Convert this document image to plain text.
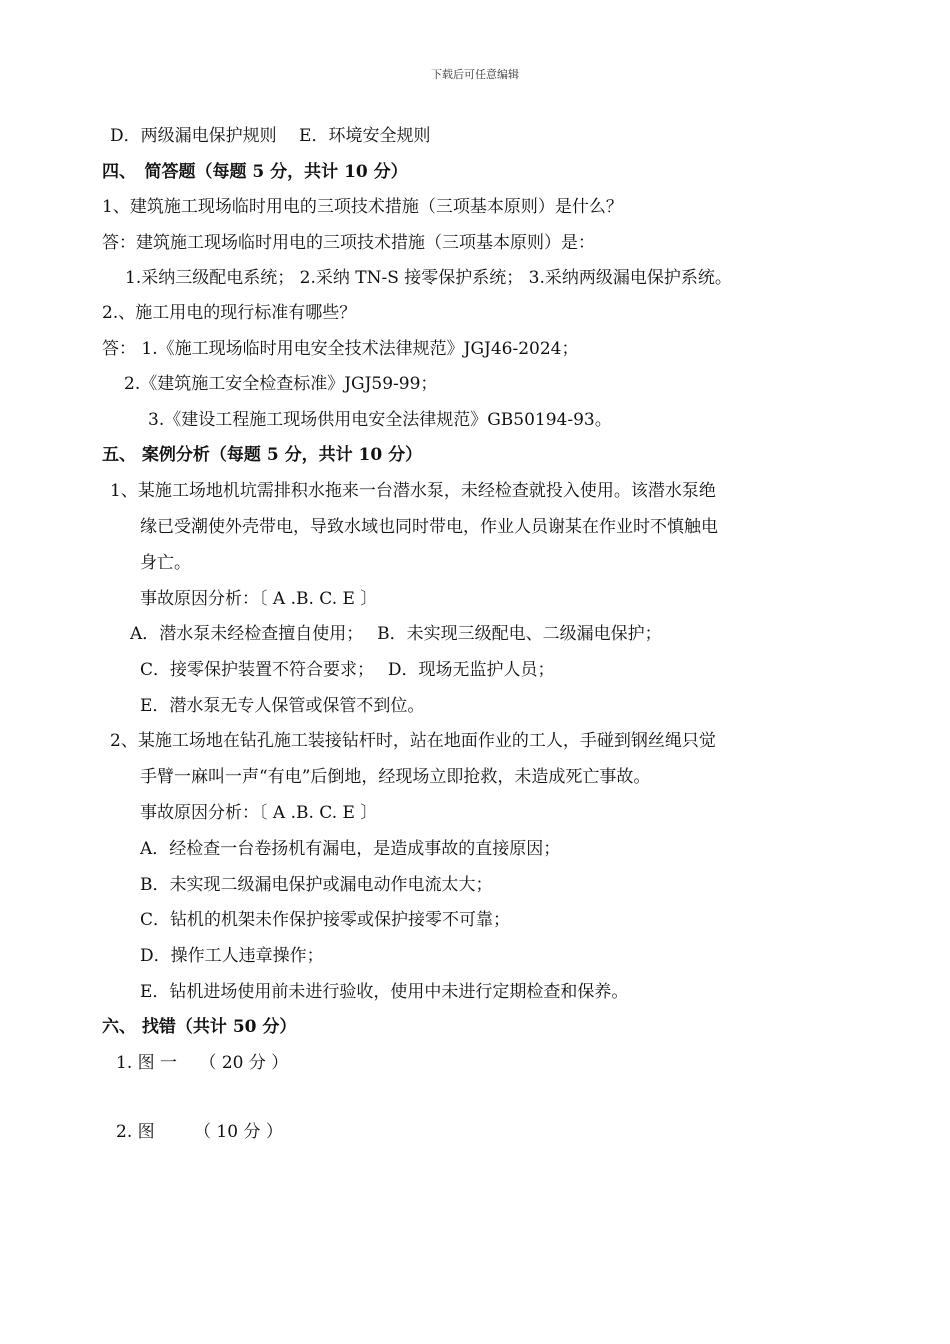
下载后可任意编辑
D．两级漏电保护规则　 E．环境安全规则
四、　简答题（每题 5 分，共计 10 分）
1、建筑施工现场临时用电的三项技术措施（三项基本原则）是什么？
答：建筑施工现场临时用电的三项技术措施（三项基本原则）是：
1.采纳三级配电系统； 2.采纳 TN-S 接零保护系统； 3.采纳两级漏电保护系统。
2.、施工用电的现行标准有哪些？
答： 1.《施工现场临时用电安全技术法律规范》JGJ46-2024；
2.《建筑施工安全检查标准》JGJ59-99；
3.《建设工程施工现场供用电安全法律规范》GB50194-93。
五、 案例分析（每题 5 分，共计 10 分）
1、某施工场地机坑需排积水拖来一台潜水泵，未经检查就投入使用。该潜水泵绝
缘已受潮使外壳带电，导致水域也同时带电，作业人员谢某在作业时不慎触电
身亡。
事故原因分析：〔 A .B. C. E 〕
A．潜水泵未经检查擅自使用；　 B．未实现三级配电、二级漏电保护；
C．接零保护装置不符合要求；　 D．现场无监护人员；
E．潜水泵无专人保管或保管不到位。
2、某施工场地在钻孔施工装接钻杆时，站在地面作业的工人，手碰到钢丝绳只觉
手臂一麻叫一声“有电”后倒地，经现场立即抢救，未造成死亡事故。
事故原因分析：〔 A .B. C. E 〕
A．经检查一台卷扬机有漏电，是造成事故的直接原因；
B．未实现二级漏电保护或漏电动作电流太大；
C．钻机的机架未作保护接零或保护接零不可靠；
D．操作工人违章操作；
E．钻机进场使用前未进行验收，使用中未进行定期检查和保养。
六、 找错（共计 50 分）
1. 图 一　 （ 20 分 ）
2. 图　　 （ 10 分 ）
